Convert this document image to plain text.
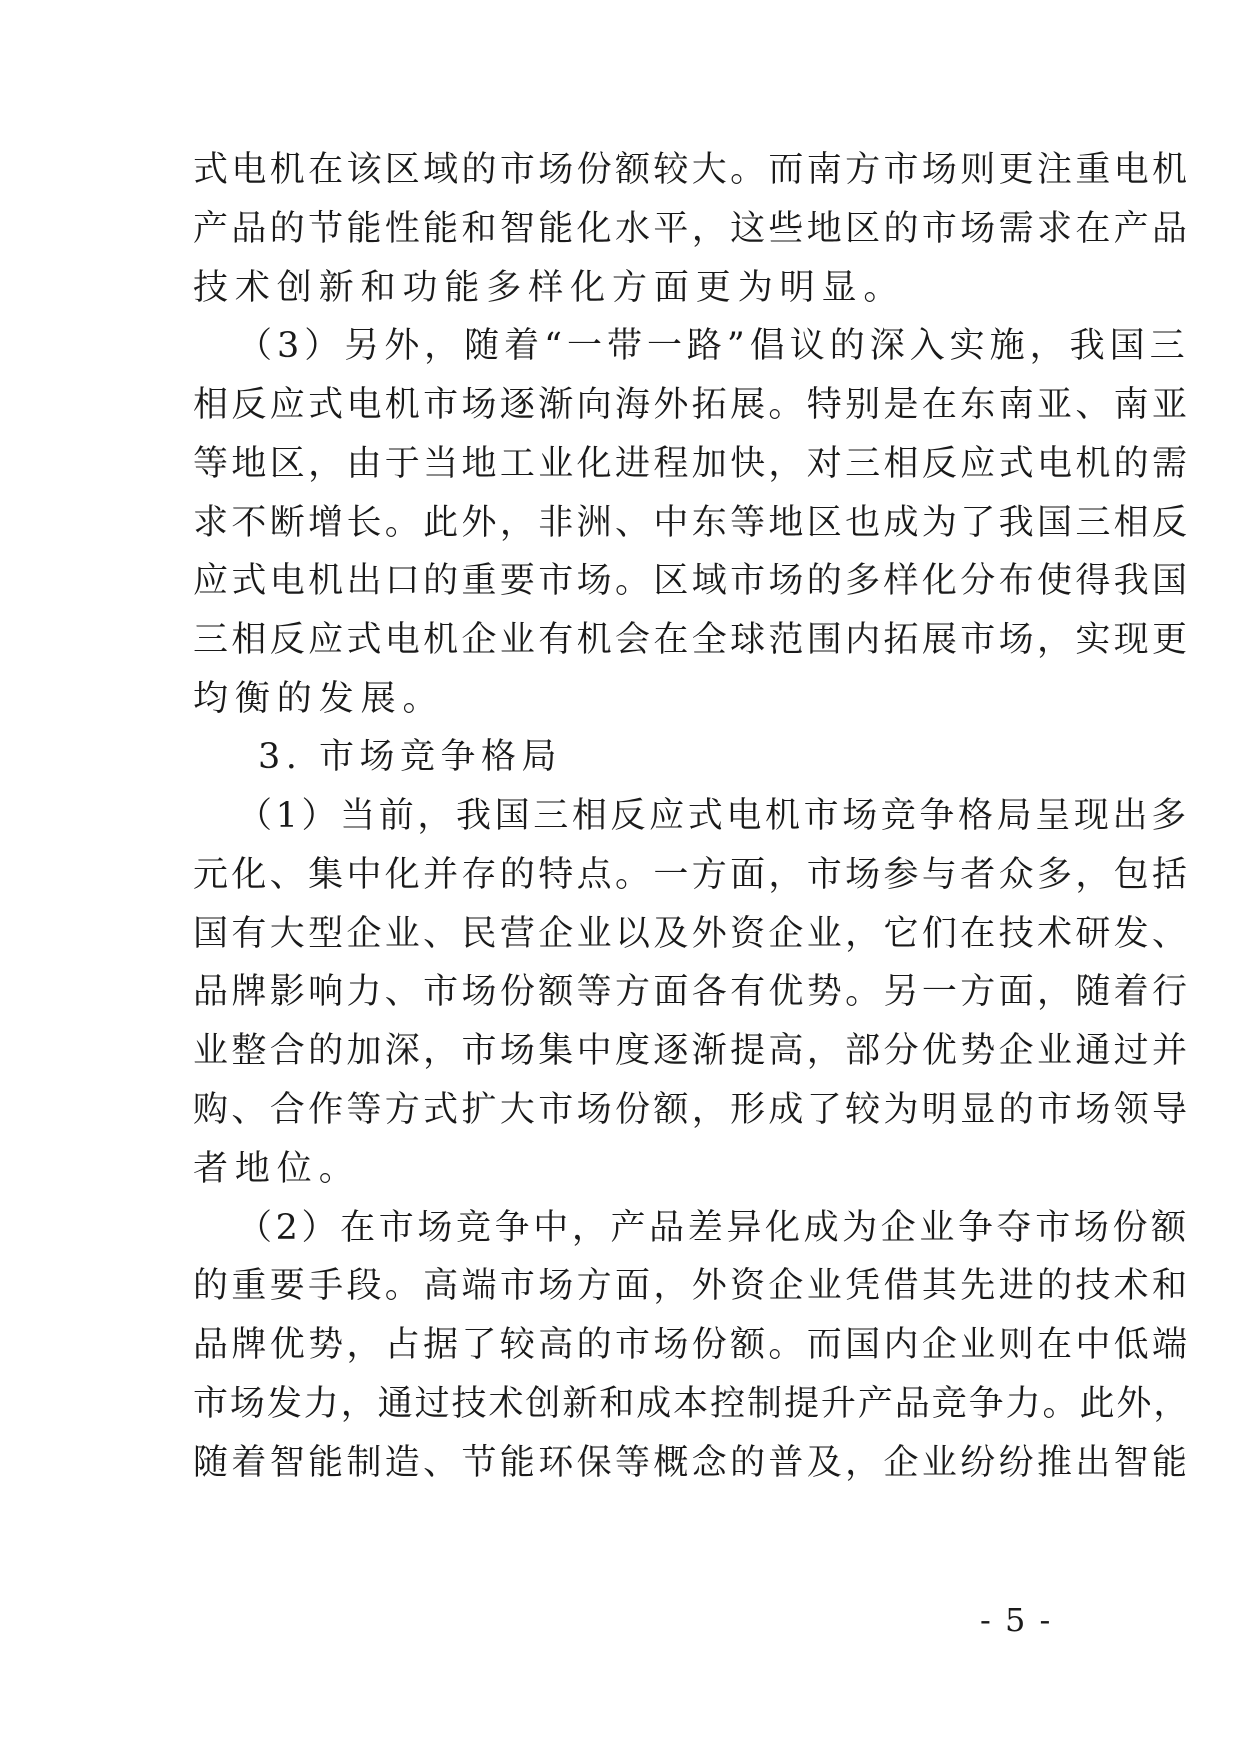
式电机在该区域的市场份额较大。而南方市场则更注重电机
产品的节能性能和智能化水平，这些地区的市场需求在产品
技术创新和功能多样化方面更为明显。
（3）另外，随着“一带一路”倡议的深入实施，我国三
相反应式电机市场逐渐向海外拓展。特别是在东南亚、南亚
等地区，由于当地工业化进程加快，对三相反应式电机的需
求不断增长。此外，非洲、中东等地区也成为了我国三相反
应式电机出口的重要市场。区域市场的多样化分布使得我国
三相反应式电机企业有机会在全球范围内拓展市场，实现更
均衡的发展。
3. 市场竞争格局
（1）当前，我国三相反应式电机市场竞争格局呈现出多
元化、集中化并存的特点。一方面，市场参与者众多，包括
国有大型企业、民营企业以及外资企业，它们在技术研发、
品牌影响力、市场份额等方面各有优势。另一方面，随着行
业整合的加深，市场集中度逐渐提高，部分优势企业通过并
购、合作等方式扩大市场份额，形成了较为明显的市场领导
者地位。
（2）在市场竞争中，产品差异化成为企业争夺市场份额
的重要手段。高端市场方面，外资企业凭借其先进的技术和
品牌优势，占据了较高的市场份额。而国内企业则在中低端
市场发力，通过技术创新和成本控制提升产品竞争力。此外，
随着智能制造、节能环保等概念的普及，企业纷纷推出智能
- 5 -
